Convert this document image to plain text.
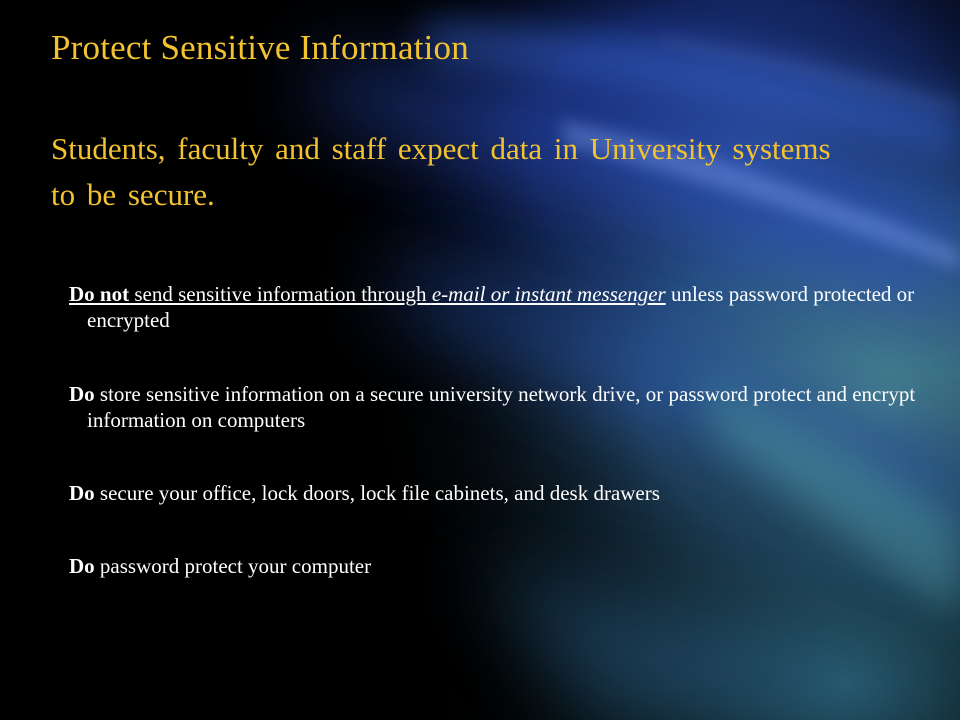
Protect Sensitive Information

Students, faculty and staff expect data in University systems to be secure.

Do not send sensitive information through e-mail or instant messenger unless password protected or encrypted

Do store sensitive information on a secure university network drive, or password protect and encrypt information on computers

Do secure your office, lock doors, lock file cabinets, and desk drawers

Do password protect your computer
